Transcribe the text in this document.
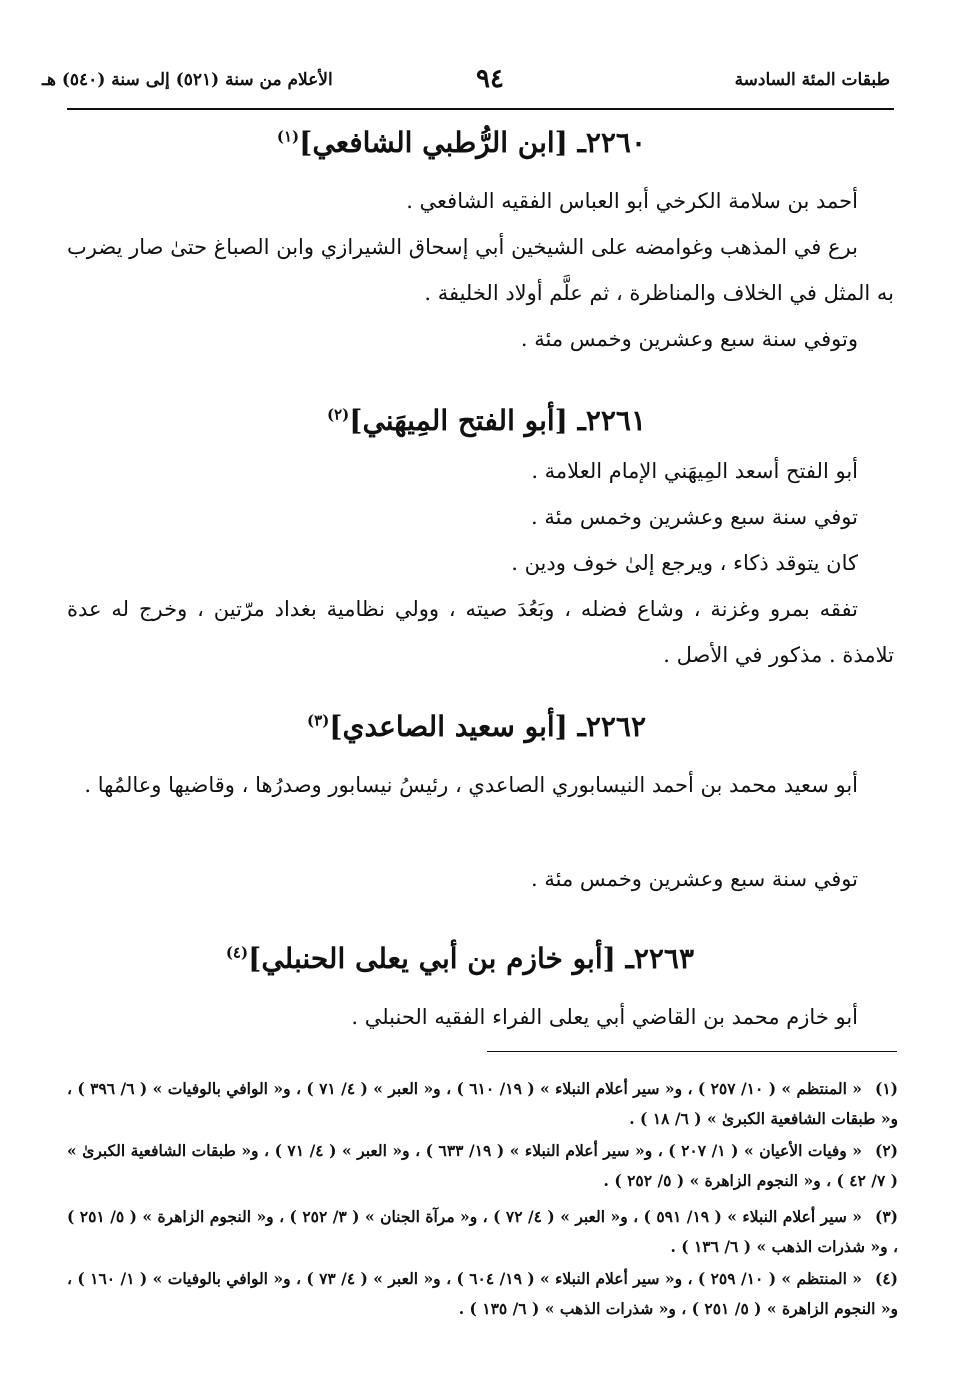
طبقات المئة السادسة
٩٤
الأعلام من سنة (٥٢١) إلى سنة (٥٤٠) هـ
٢٢٦٠ـ [ابن الرُّطبي الشافعي]$^{(١)}$

أحمد بن سلامة الكرخي أبو العباس الفقيه الشافعي .

برع في المذهب وغوامضه على الشيخين أبي إسحاق الشيرازي وابن الصباغ حتىٰ صار يضرب به المثل في الخلاف والمناظرة ، ثم علَّم أولاد الخليفة .

وتوفي سنة سبع وعشرين وخمس مئة .

٢٢٦١ـ [أبو الفتح المِيهَني]$^{(٢)}$

أبو الفتح أسعد المِيهَني الإمام العلامة .

توفي سنة سبع وعشرين وخمس مئة .

كان يتوقد ذكاء ، ويرجع إلىٰ خوف ودين .

تفقه بمرو وغزنة ، وشاع فضله ، وبَعُدَ صيته ، وولي نظامية بغداد مرّتين ، وخرج له عدة تلامذة . مذكور في الأصل .

٢٢٦٢ـ [أبو سعيد الصاعدي]$^{(٣)}$

أبو سعيد محمد بن أحمد النيسابوري الصاعدي ، رئيسُ نيسابور وصدرُها ، وقاضيها وعالمُها .

توفي سنة سبع وعشرين وخمس مئة .

٢٢٦٣ـ [أبو خازم بن أبي يعلى الحنبلي]$^{(٤)}$

أبو خازم محمد بن القاضي أبي يعلى الفراء الفقيه الحنبلي .

(١)« المنتظم » ( ١٠/ ٢٥٧ ) ، و« سير أعلام النبلاء » ( ١٩/ ٦١٠ ) ، و« العبر » ( ٤/ ٧١ ) ، و« الوافي بالوفيات » ( ٦/ ٣٩٦ ) ، و« طبقات الشافعية الكبرىٰ » ( ٦/ ١٨ ) .
(٢)« وفيات الأعيان » ( ١/ ٢٠٧ ) ، و« سير أعلام النبلاء » ( ١٩/ ٦٣٣ ) ، و« العبر » ( ٤/ ٧١ ) ، و« طبقات الشافعية الكبرىٰ » ( ٧/ ٤٢ ) ، و« النجوم الزاهرة » ( ٥/ ٢٥٢ ) .
(٣)« سير أعلام النبلاء » ( ١٩/ ٥٩١ ) ، و« العبر » ( ٤/ ٧٢ ) ، و« مرآة الجنان » ( ٣/ ٢٥٢ ) ، و« النجوم الزاهرة » ( ٥/ ٢٥١ ) ، و« شذرات الذهب » ( ٦/ ١٣٦ ) .
(٤)« المنتظم » ( ١٠/ ٢٥٩ ) ، و« سير أعلام النبلاء » ( ١٩/ ٦٠٤ ) ، و« العبر » ( ٤/ ٧٣ ) ، و« الوافي بالوفيات » ( ١/ ١٦٠ ) ، و« النجوم الزاهرة » ( ٥/ ٢٥١ ) ، و« شذرات الذهب » ( ٦/ ١٣٥ ) .
